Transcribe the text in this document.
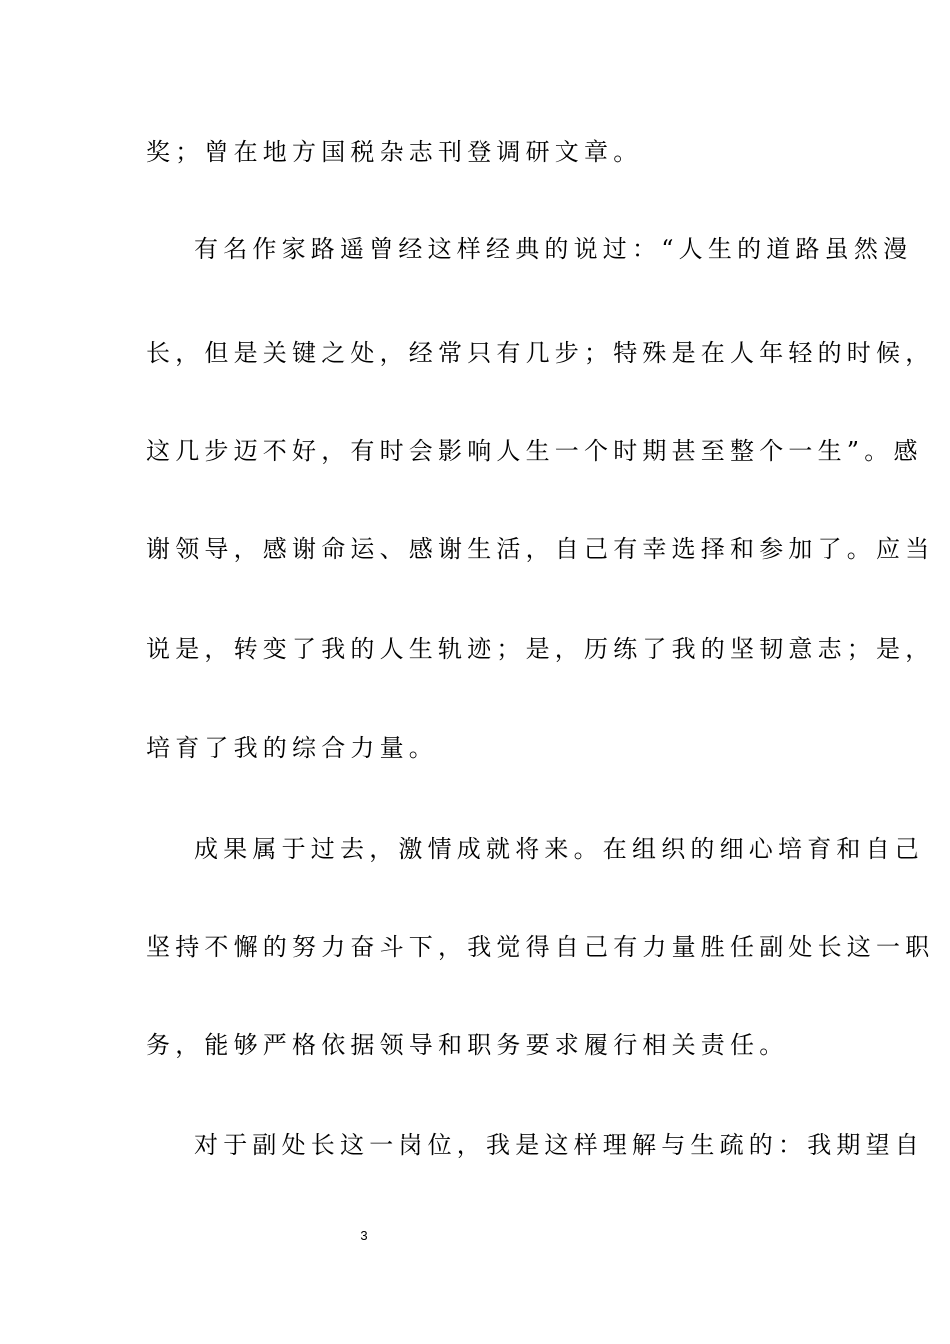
奖；曾在地方国税杂志刊登调研文章。
有名作家路遥曾经这样经典的说过：“人生的道路虽然漫
长，但是关键之处，经常只有几步；特殊是在人年轻的时候，
这几步迈不好，有时会影响人生一个时期甚至整个一生”。感
谢领导，感谢命运、感谢生活，自己有幸选择和参加了。应当
说是，转变了我的人生轨迹；是，历练了我的坚韧意志；是，
培育了我的综合力量。
成果属于过去，激情成就将来。在组织的细心培育和自己
坚持不懈的努力奋斗下，我觉得自己有力量胜任副处长这一职
务，能够严格依据领导和职务要求履行相关责任。
对于副处长这一岗位，我是这样理解与生疏的：我期望自
3
